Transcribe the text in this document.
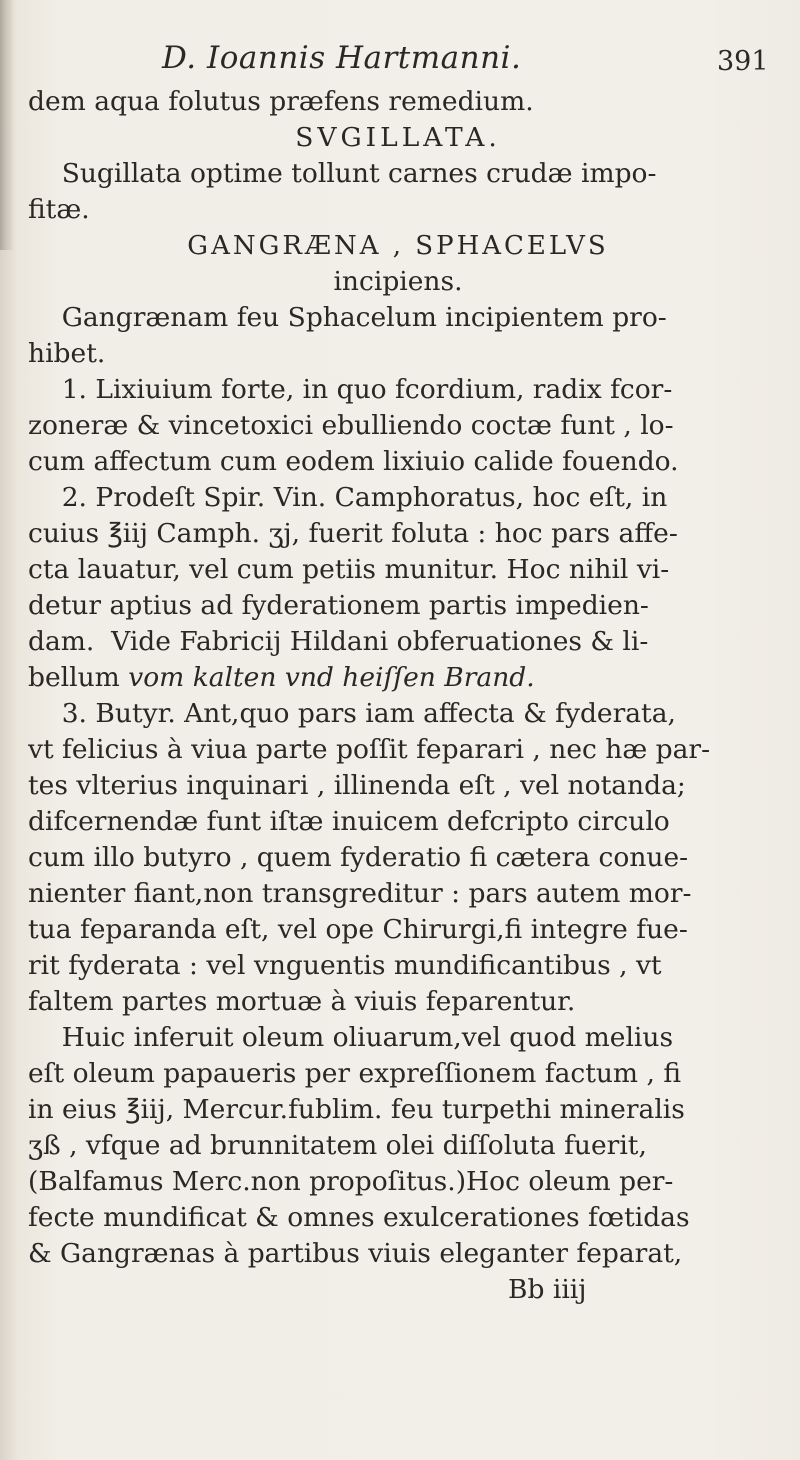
D. Ioannis Hartmanni.	391
dem aqua folutus præfens remedium.
SVGILLATA.
Sugillata optime tollunt carnes crudæ impo-
fitæ.
GANGRÆNA , SPHACELVS
incipiens.
Gangrænam feu Sphacelum incipientem pro-
hibet.
1. Lixiuium forte, in quo fcordium, radix fcor-
zoneræ & vincetoxici ebulliendo coctæ funt , lo-
cum affectum cum eodem lixiuio calide fouendo.
2. Prodeſt Spir. Vin. Camphoratus, hoc eſt, in
cuius ℥iij Camph. ʒj, fuerit foluta : hoc pars affe-
cta lauatur, vel cum petiis munitur. Hoc nihil vi-
detur aptius ad fyderationem partis impedien-
dam.  Vide Fabricij Hildani obferuationes & li-
bellum vom kalten vnd heiſſen Brand.
3. Butyr. Ant,quo pars iam affecta & fyderata,
vt felicius à viua parte poſſit feparari , nec hæ par-
tes vlterius inquinari , illinenda eſt , vel notanda;
difcernendæ funt iſtæ inuicem defcripto circulo
cum illo butyro , quem fyderatio fi cætera conue-
nienter fiant,non transgreditur : pars autem mor-
tua feparanda eſt, vel ope Chirurgi,fi integre fue-
rit fyderata : vel vnguentis mundificantibus , vt
faltem partes mortuæ à viuis feparentur.
Huic inferuit oleum oliuarum,vel quod melius
eſt oleum papaueris per expreſſionem factum , fi
in eius ℥iij, Mercur.fublim. feu turpethi mineralis
ʒß , vfque ad brunnitatem olei diſſoluta fuerit,
(Balfamus Merc.non propoſitus.)Hoc oleum per-
fecte mundificat & omnes exulcerationes fœtidas
& Gangrænas à partibus viuis eleganter feparat,
Bb iiij
